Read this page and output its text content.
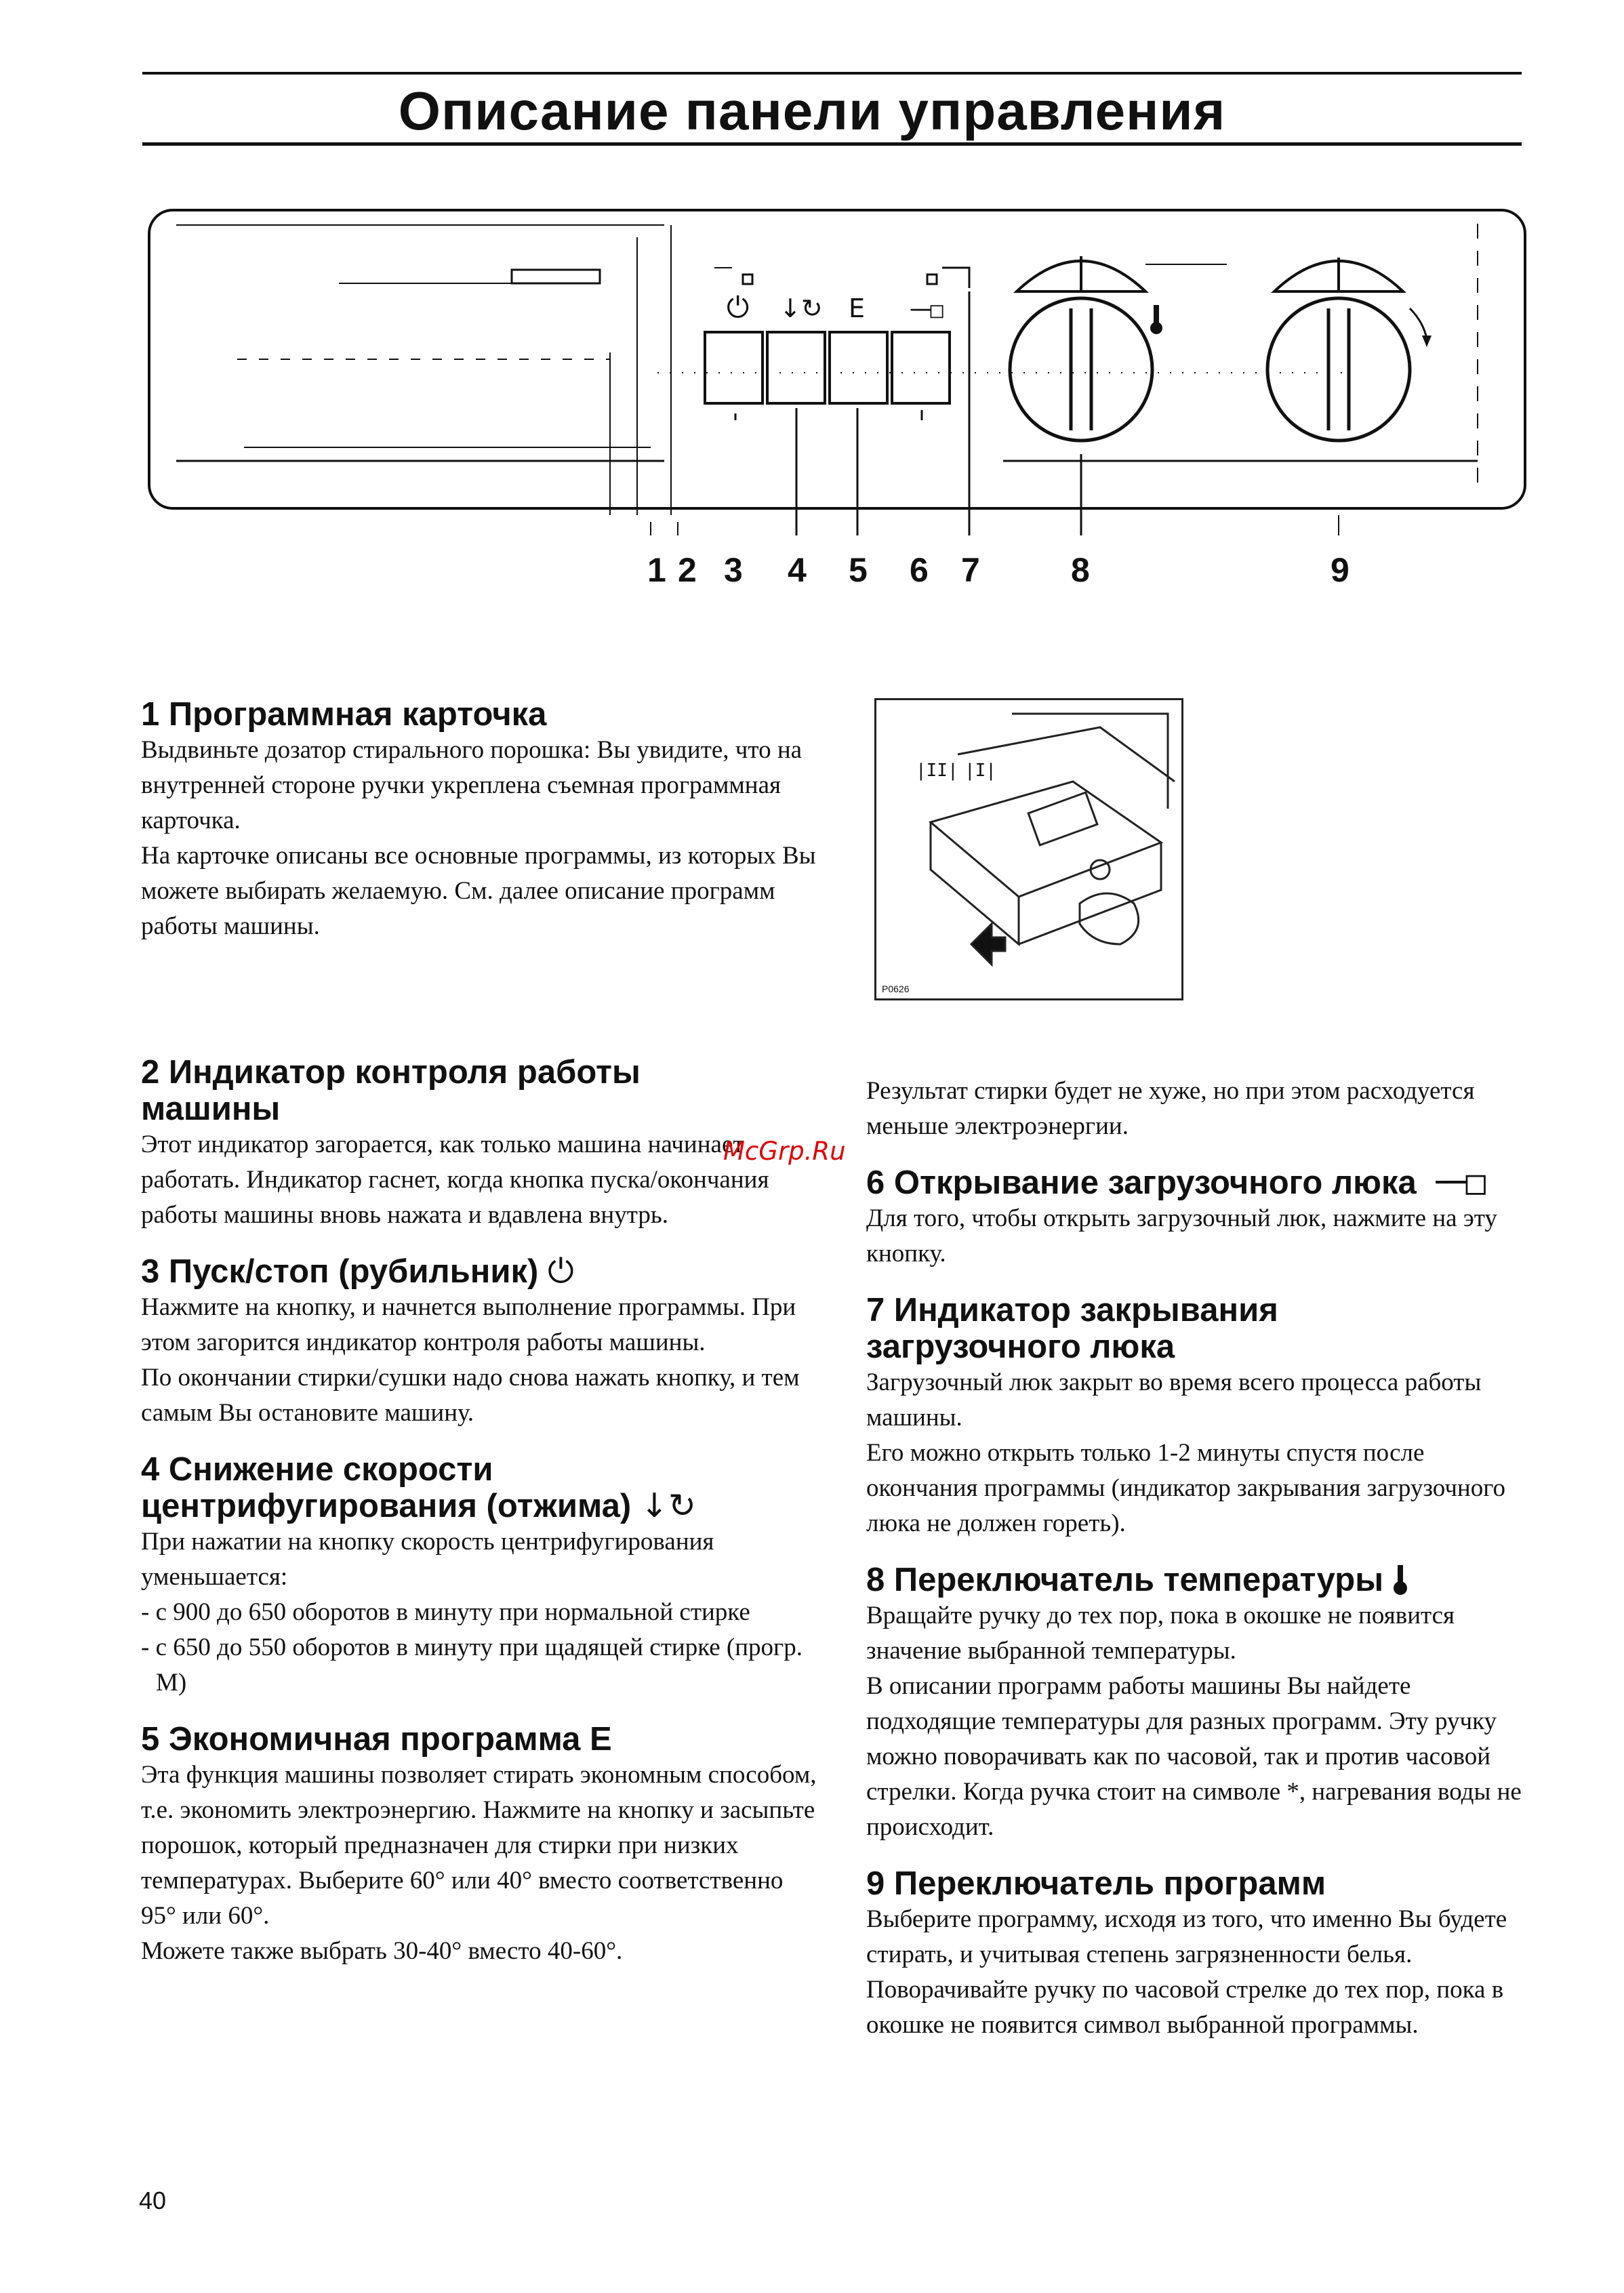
Описание панели управления
⏻ ↓↻ E ╶─□
1 2 3 4 5 6 7	8	9

1 Программная карточка

Выдвиньте дозатор стирального порошка: Вы увидите, что на внутренней стороне ручки укреплена съемная программная карточка.

На карточке описаны все основные программы, из которых Вы можете выбирать желаемую. См. далее описание программ работы машины.

|II| |I|
P0626

2 Индикатор контроля работы машины

Этот индикатор загорается, как только машина начинает работать. Индикатор гаснет, когда кнопка пуска/окончания работы машины вновь нажата и вдавлена внутрь.

3 Пуск/стоп (рубильник) ⏻

Нажмите на кнопку, и начнется выполнение программы. При этом загорится индикатор контроля работы машины.

По окончании стирки/сушки надо снова нажать кнопку, и тем самым Вы остановите машину.

4 Снижение скорости центрифугирования (отжима) ↓↻

При нажатии на кнопку скорость центрифугирования уменьшается:

- с 900 до 650 оборотов в минуту при нормальной стирке

- с 650 до 550 оборотов в минуту при щадящей стирке (прогр. М)

5 Экономичная программа E

Эта функция машины позволяет стирать экономным способом, т.е. экономить электроэнергию. Нажмите на кнопку и засыпьте порошок, который предназначен для стирки при низких температурах. Выберите 60° или 40° вместо соответственно 95° или 60°.

Можете также выбрать 30-40° вместо 40-60°.

Результат стирки будет не хуже, но при этом расходуется меньше электроэнергии.

6 Открывание загрузочного люка ╶─□

Для того, чтобы открыть загрузочный люк, нажмите на эту кнопку.

7 Индикатор закрывания загрузочного люка

Загрузочный люк закрыт во время всего процесса работы машины.

Его можно открыть только 1-2 минуты спустя после окончания программы (индикатор закрывания загрузочного люка не должен гореть).

8 Переключатель температуры

Вращайте ручку до тех пор, пока в окошке не появится значение выбранной температуры.

В описании программ работы машины Вы найдете подходящие температуры для разных программ. Эту ручку можно поворачивать как по часовой, так и против часовой стрелки. Когда ручка стоит на символе *, нагревания воды не происходит.

9 Переключатель программ

Выберите программу, исходя из того, что именно Вы будете стирать, и учитывая степень загрязненности белья. Поворачивайте ручку по часовой стрелке до тех пор, пока в окошке не появится символ выбранной программы.

McGrp.Ru
40
